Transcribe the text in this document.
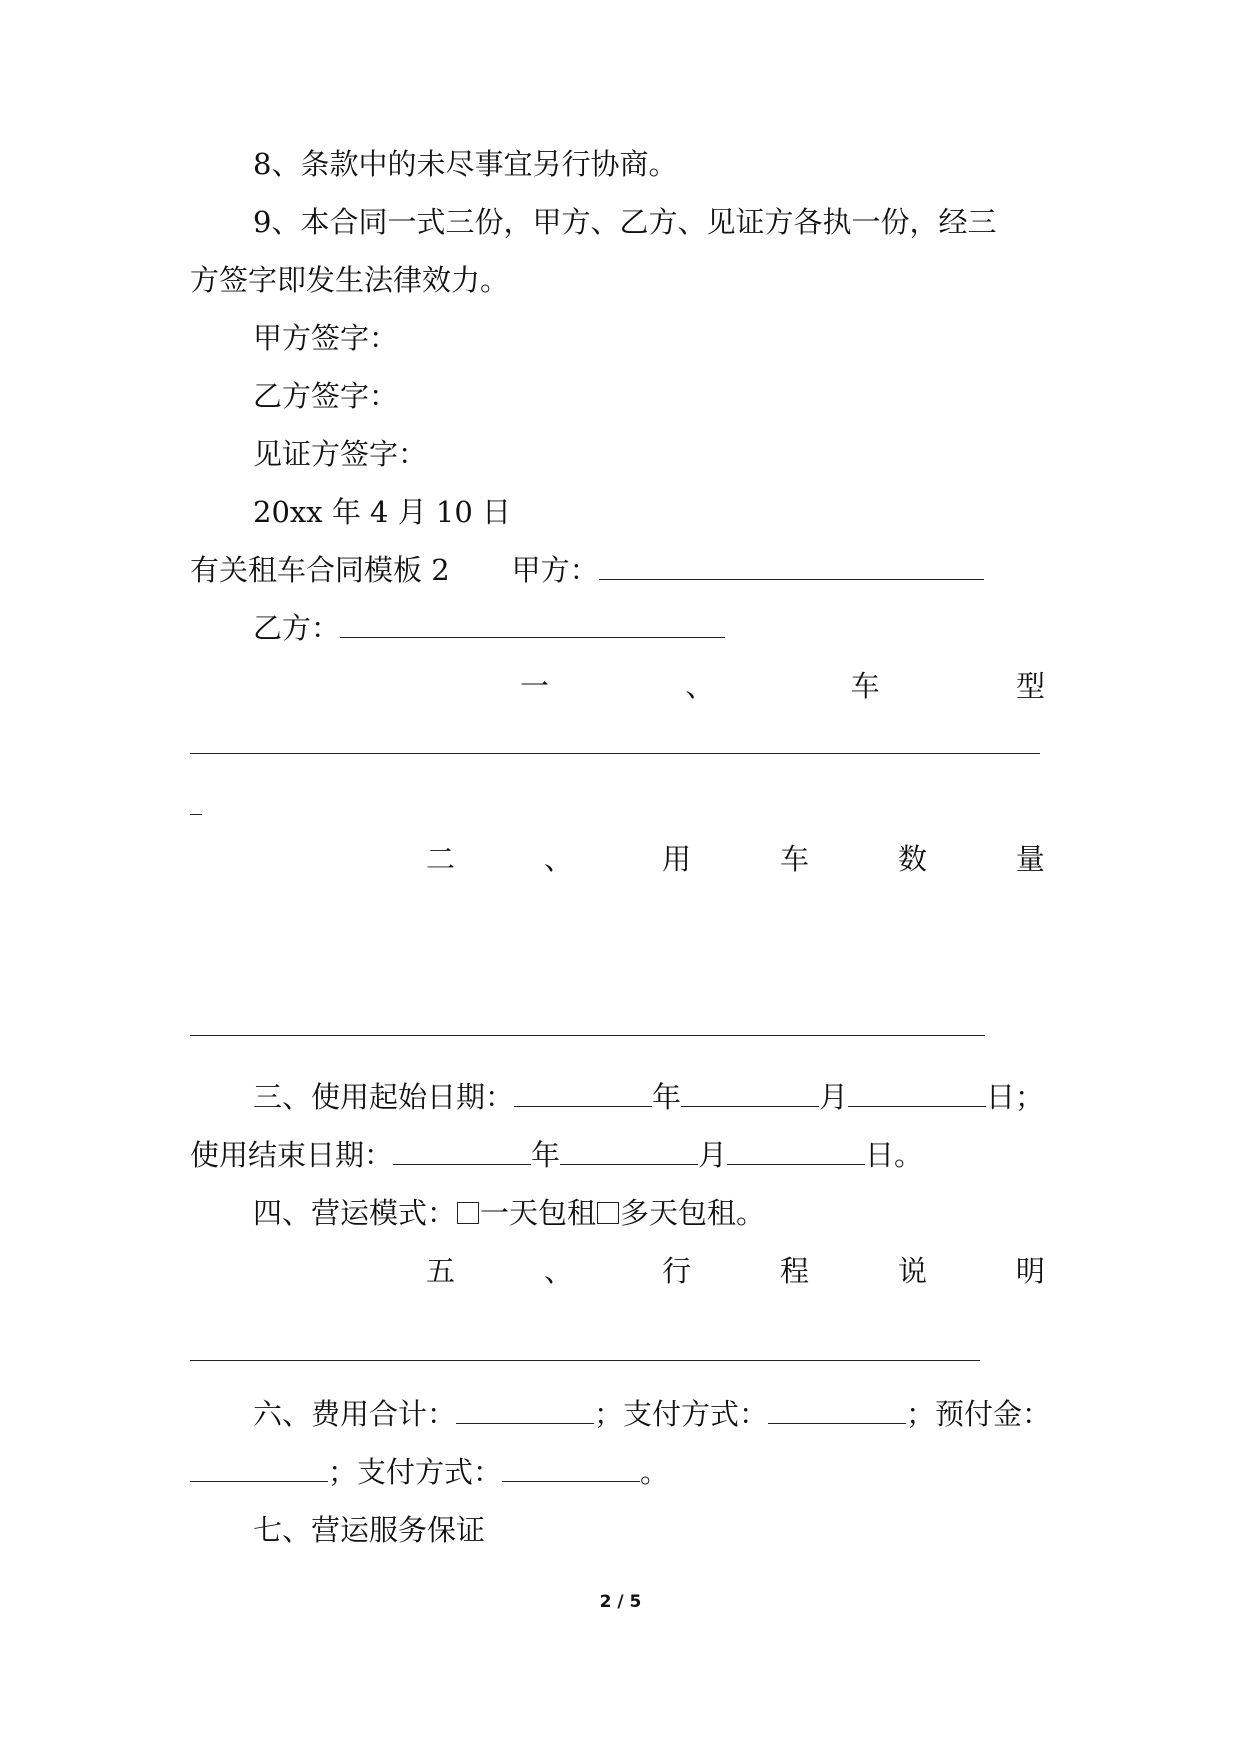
8、条款中的未尽事宜另行协商。
9、本合同一式三份，甲方、乙方、见证方各执一份，经三
方签字即发生法律效力。
甲方签字：
乙方签字：
见证方签字：
20xx 年 4 月 10 日
有关租车合同模板 2 甲方：
乙方：
一	、	车	型
二	、	用	车	数	量
三、使用起始日期：	年	月	日；
使用结束日期：	年	月	日。
四、营运模式： 一天包租 多天包租。
五	、	行	程	说	明
六、费用合计：	；支付方式：	；预付金：
；支付方式：	。
七、营运服务保证
2 / 5
